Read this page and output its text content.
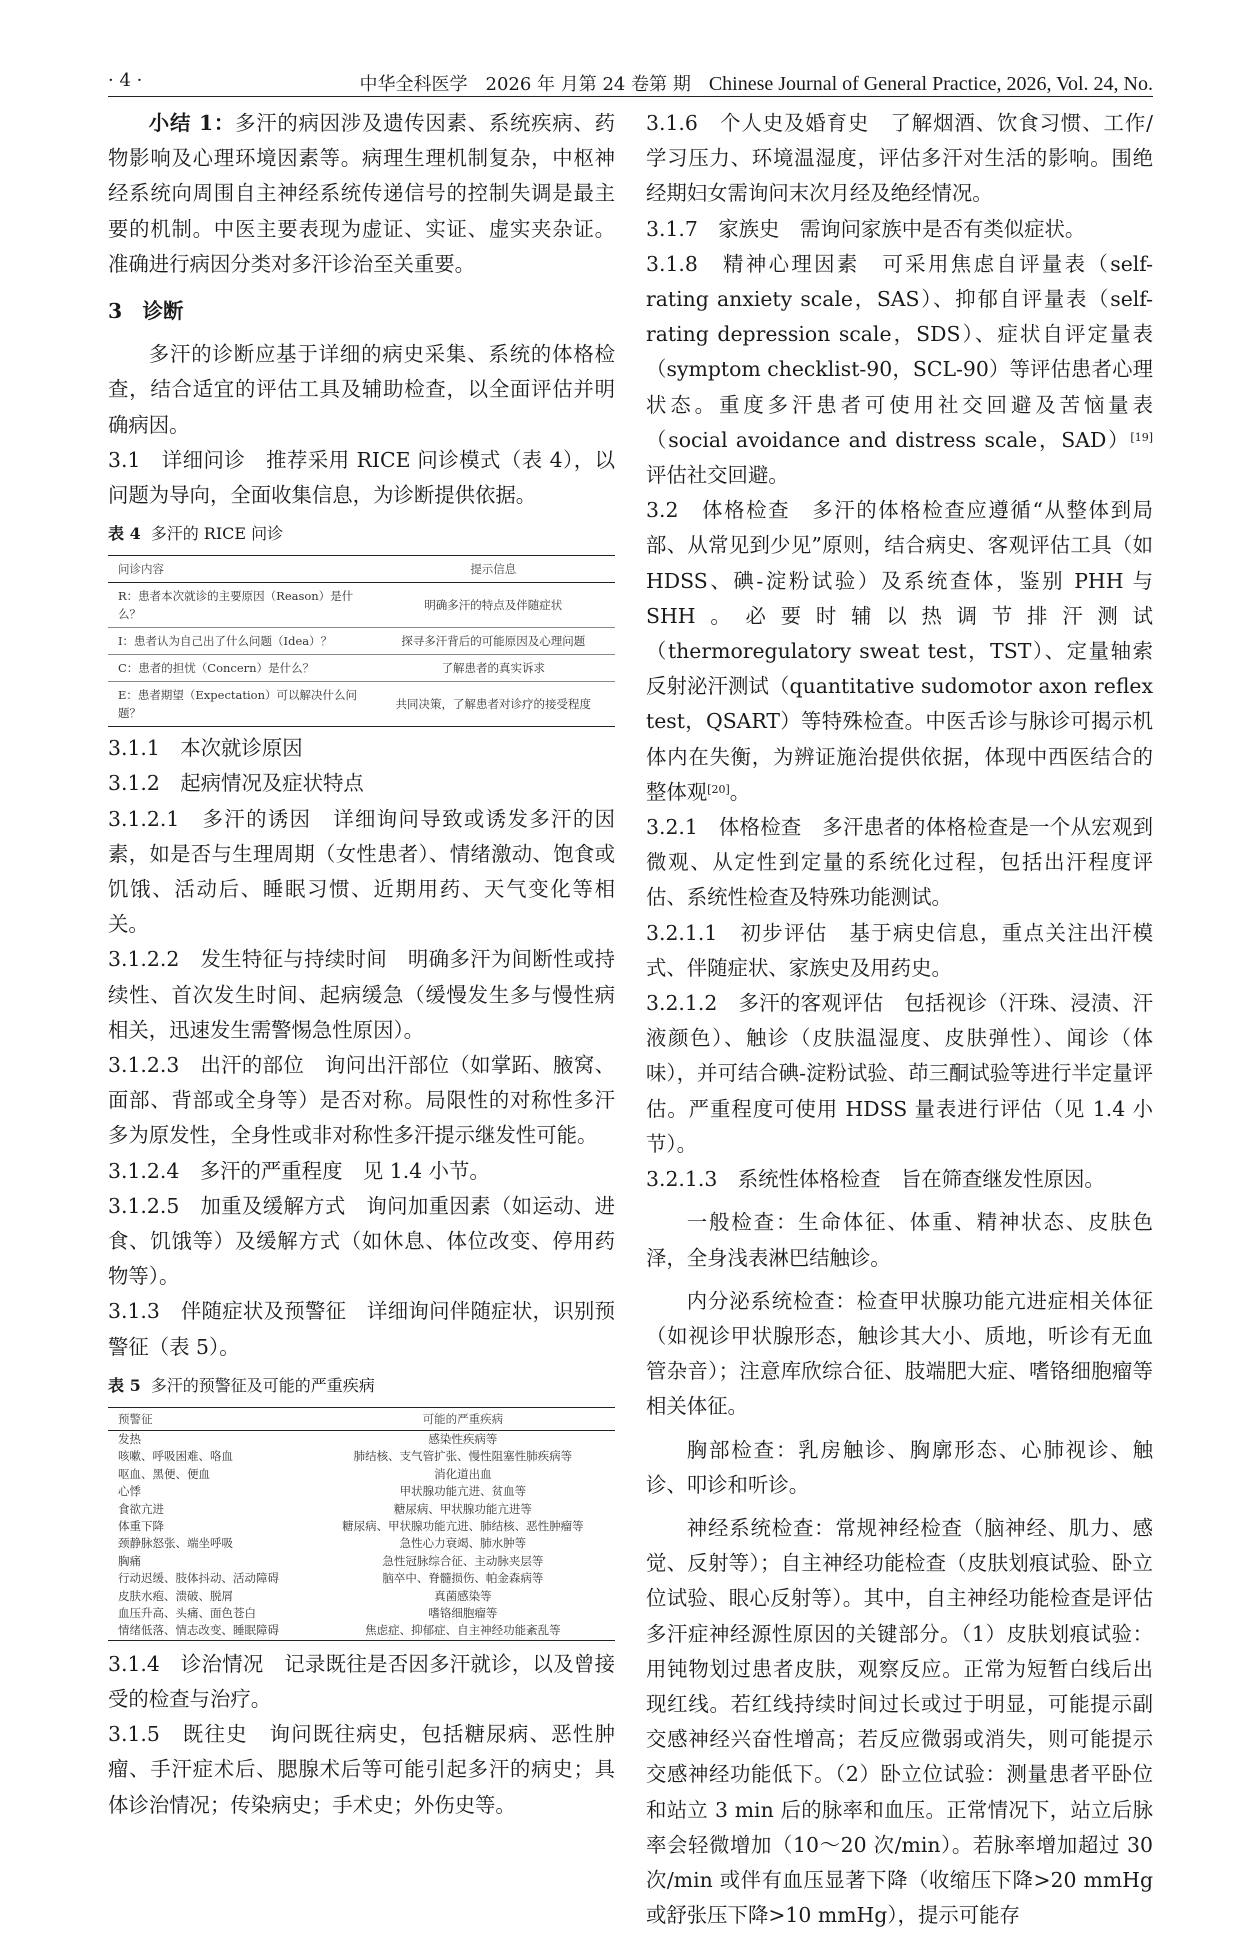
· 4 ·	中华全科医学　2026 年 月第 24 卷第 期　 Chinese Journal of General Practice, 2026, Vol. 24, No.

小结 1：多汗的病因涉及遗传因素、系统疾病、药物影响及心理环境因素等。病理生理机制复杂，中枢神经系统向周围自主神经系统传递信号的控制失调是最主要的机制。中医主要表现为虚证、实证、虚实夹杂证。准确进行病因分类对多汗诊治至关重要。

3　诊断

多汗的诊断应基于详细的病史采集、系统的体格检查，结合适宜的评估工具及辅助检查，以全面评估并明确病因。

3.1　详细问诊　推荐采用 RICE 问诊模式（表 4），以问题为导向，全面收集信息，为诊断提供依据。

表 4 多汗的 RICE 问诊

问诊内容	提示信息
R：患者本次就诊的主要原因（Reason）是什么？	明确多汗的特点及伴随症状
I：患者认为自己出了什么问题（Idea）？	探寻多汗背后的可能原因及心理问题
C：患者的担忧（Concern）是什么？	了解患者的真实诉求
E：患者期望（Expectation）可以解决什么问题？	共同决策，了解患者对诊疗的接受程度

3.1.1　本次就诊原因

3.1.2　起病情况及症状特点

3.1.2.1　多汗的诱因　详细询问导致或诱发多汗的因素，如是否与生理周期（女性患者）、情绪激动、饱食或饥饿、活动后、睡眠习惯、近期用药、天气变化等相关。

3.1.2.2　发生特征与持续时间　明确多汗为间断性或持续性、首次发生时间、起病缓急（缓慢发生多与慢性病相关，迅速发生需警惕急性原因）。

3.1.2.3　出汗的部位　询问出汗部位（如掌跖、腋窝、面部、背部或全身等）是否对称。局限性的对称性多汗多为原发性，全身性或非对称性多汗提示继发性可能。

3.1.2.4　多汗的严重程度　见 1.4 小节。

3.1.2.5　加重及缓解方式　询问加重因素（如运动、进食、饥饿等）及缓解方式（如休息、体位改变、停用药物等）。

3.1.3　伴随症状及预警征　详细询问伴随症状，识别预警征（表 5）。

表 5 多汗的预警征及可能的严重疾病

预警征	可能的严重疾病
发热	感染性疾病等
咳嗽、呼吸困难、咯血	肺结核、支气管扩张、慢性阻塞性肺疾病等
呕血、黑便、便血	消化道出血
心悸	甲状腺功能亢进、贫血等
食欲亢进	糖尿病、甲状腺功能亢进等
体重下降	糖尿病、甲状腺功能亢进、肺结核、恶性肿瘤等
颈静脉怒张、端坐呼吸	急性心力衰竭、肺水肿等
胸痛	急性冠脉综合征、主动脉夹层等
行动迟缓、肢体抖动、活动障碍	脑卒中、脊髓损伤、帕金森病等
皮肤水疱、溃破、脱屑	真菌感染等
血压升高、头痛、面色苍白	嗜铬细胞瘤等
情绪低落、情志改变、睡眠障碍	焦虑症、抑郁症、自主神经功能紊乱等

3.1.4　诊治情况　记录既往是否因多汗就诊，以及曾接受的检查与治疗。

3.1.5　既往史　询问既往病史，包括糖尿病、恶性肿瘤、手汗症术后、腮腺术后等可能引起多汗的病史；具体诊治情况；传染病史；手术史；外伤史等。

3.1.6　个人史及婚育史　了解烟酒、饮食习惯、工作/学习压力、环境温湿度，评估多汗对生活的影响。围绝经期妇女需询问末次月经及绝经情况。

3.1.7　家族史　需询问家族中是否有类似症状。

3.1.8　精神心理因素　可采用焦虑自评量表（self-rating anxiety scale，SAS）、抑郁自评量表（self-rating depression scale，SDS）、症状自评定量表（symptom checklist-90，SCL-90）等评估患者心理状态。重度多汗患者可使用社交回避及苦恼量表（social avoidance and distress scale，SAD）[19]评估社交回避。

3.2　体格检查　多汗的体格检查应遵循“从整体到局部、从常见到少见”原则，结合病史、客观评估工具（如 HDSS、碘-淀粉试验）及系统查体，鉴别 PHH 与 SHH。必要时辅以热调节排汗测试（thermoregulatory sweat test，TST）、定量轴索反射泌汗测试（quantitative sudomotor axon reflex test，QSART）等特殊检查。中医舌诊与脉诊可揭示机体内在失衡，为辨证施治提供依据，体现中西医结合的整体观[20]。

3.2.1　体格检查　多汗患者的体格检查是一个从宏观到微观、从定性到定量的系统化过程，包括出汗程度评估、系统性检查及特殊功能测试。

3.2.1.1　初步评估　基于病史信息，重点关注出汗模式、伴随症状、家族史及用药史。

3.2.1.2　多汗的客观评估　包括视诊（汗珠、浸渍、汗液颜色）、触诊（皮肤温湿度、皮肤弹性）、闻诊（体味），并可结合碘-淀粉试验、茚三酮试验等进行半定量评估。严重程度可使用 HDSS 量表进行评估（见 1.4 小节）。

3.2.1.3　系统性体格检查　旨在筛查继发性原因。

一般检查：生命体征、体重、精神状态、皮肤色泽，全身浅表淋巴结触诊。

内分泌系统检查：检查甲状腺功能亢进症相关体征（如视诊甲状腺形态，触诊其大小、质地，听诊有无血管杂音）；注意库欣综合征、肢端肥大症、嗜铬细胞瘤等相关体征。

胸部检查：乳房触诊、胸廓形态、心肺视诊、触诊、叩诊和听诊。

神经系统检查：常规神经检查（脑神经、肌力、感觉、反射等）；自主神经功能检查（皮肤划痕试验、卧立位试验、眼心反射等）。其中，自主神经功能检查是评估多汗症神经源性原因的关键部分。（1）皮肤划痕试验：用钝物划过患者皮肤，观察反应。正常为短暂白线后出现红线。若红线持续时间过长或过于明显，可能提示副交感神经兴奋性增高；若反应微弱或消失，则可能提示交感神经功能低下。（2）卧立位试验：测量患者平卧位和站立 3 min 后的脉率和血压。正常情况下，站立后脉率会轻微增加（10～20 次/min）。若脉率增加超过 30 次/min 或伴有血压显著下降（收缩压下降>20 mmHg 或舒张压下降>10 mmHg），提示可能存
